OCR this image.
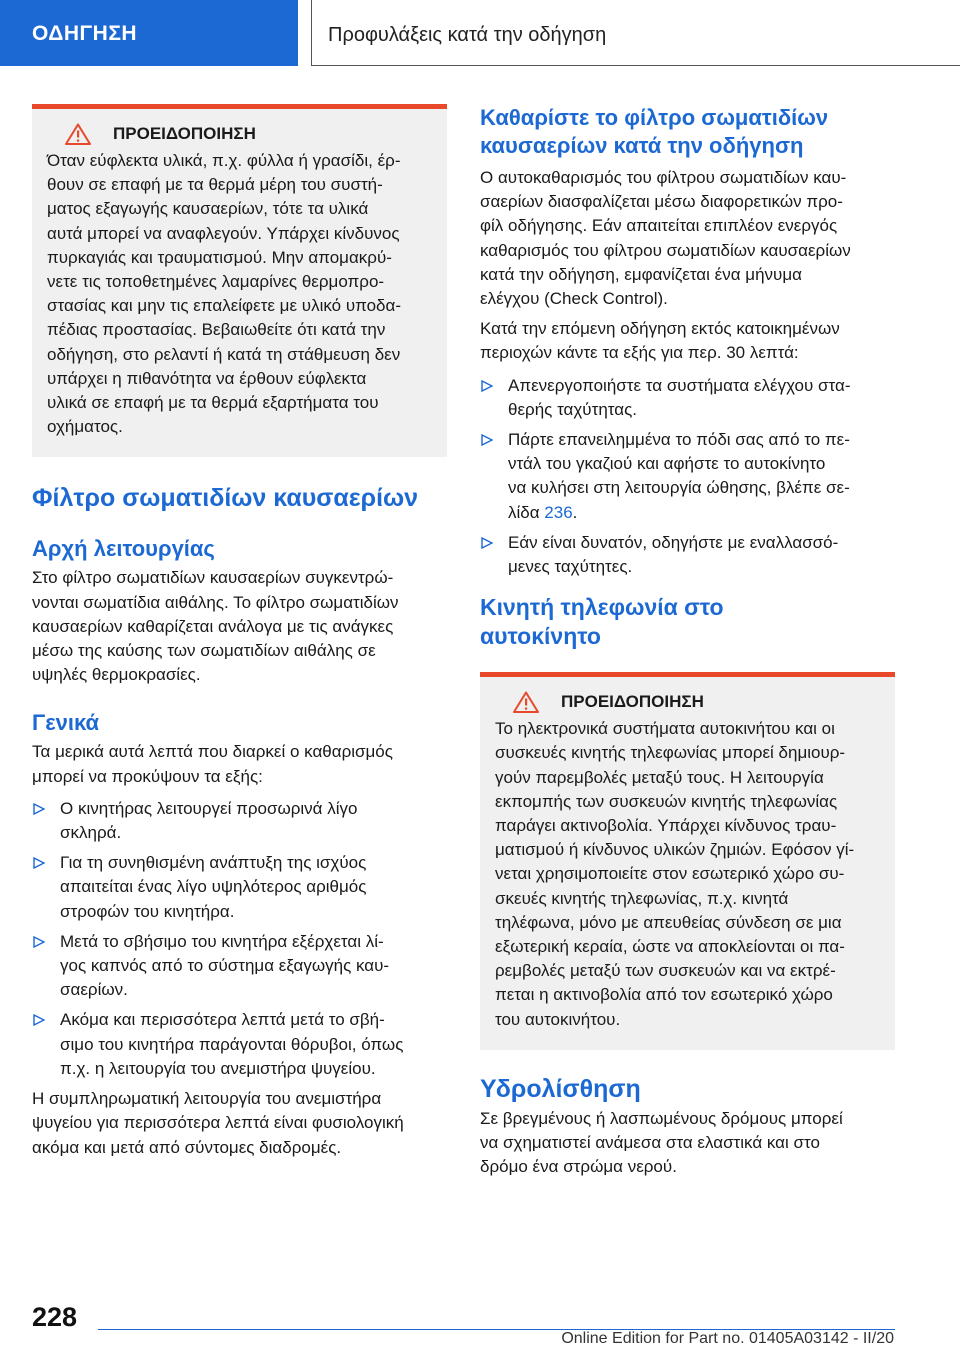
ΟΔΗΓΗΣΗ	Προφυλάξεις κατά την οδήγηση
ΠΡΟΕΙΔΟΠΟΙΗΣΗ

Όταν εύφλεκτα υλικά, π.χ. φύλλα ή γρασίδι, έρ-
θουν σε επαφή με τα θερμά μέρη του συστή-
ματος εξαγωγής καυσαερίων, τότε τα υλικά
αυτά μπορεί να αναφλεγούν. Υπάρχει κίνδυνος
πυρκαγιάς και τραυματισμού. Μην απομακρύ-
νετε τις τοποθετημένες λαμαρίνες θερμοπρο-
στασίας και μην τις επαλείφετε με υλικό υποδα-
πέδιας προστασίας. Βεβαιωθείτε ότι κατά την
οδήγηση, στο ρελαντί ή κατά τη στάθμευση δεν
υπάρχει η πιθανότητα να έρθουν εύφλεκτα
υλικά σε επαφή με τα θερμά εξαρτήματα του
οχήματος.

Φίλτρο σωματιδίων καυσαερίων
Αρχή λειτουργίας

Στο φίλτρο σωματιδίων καυσαερίων συγκεντρώ-
νονται σωματίδια αιθάλης. Το φίλτρο σωματιδίων
καυσαερίων καθαρίζεται ανάλογα με τις ανάγκες
μέσω της καύσης των σωματιδίων αιθάλης σε
υψηλές θερμοκρασίες.

Γενικά

Τα μερικά αυτά λεπτά που διαρκεί ο καθαρισμός
μπορεί να προκύψουν τα εξής:

Ο κινητήρας λειτουργεί προσωρινά λίγο
σκληρά.
Για τη συνηθισμένη ανάπτυξη της ισχύος
απαιτείται ένας λίγο υψηλότερος αριθμός
στροφών του κινητήρα.
Μετά το σβήσιμο του κινητήρα εξέρχεται λί-
γος καπνός από το σύστημα εξαγωγής καυ-
σαερίων.
Ακόμα και περισσότερα λεπτά μετά το σβή-
σιμο του κινητήρα παράγονται θόρυβοι, όπως
π.χ. η λειτουργία του ανεμιστήρα ψυγείου.

Η συμπληρωματική λειτουργία του ανεμιστήρα
ψυγείου για περισσότερα λεπτά είναι φυσιολογική
ακόμα και μετά από σύντομες διαδρομές.

Καθαρίστε το φίλτρο σωματιδίων
καυσαερίων κατά την οδήγηση

Ο αυτοκαθαρισμός του φίλτρου σωματιδίων καυ-
σαερίων διασφαλίζεται μέσω διαφορετικών προ-
φίλ οδήγησης. Εάν απαιτείται επιπλέον ενεργός
καθαρισμός του φίλτρου σωματιδίων καυσαερίων
κατά την οδήγηση, εμφανίζεται ένα μήνυμα
ελέγχου (Check Control).

Κατά την επόμενη οδήγηση εκτός κατοικημένων
περιοχών κάντε τα εξής για περ. 30 λεπτά:

Απενεργοποιήστε τα συστήματα ελέγχου στα-
θερής ταχύτητας.
Πάρτε επανειλημμένα το πόδι σας από το πε-
ντάλ του γκαζιού και αφήστε το αυτοκίνητο
να κυλήσει στη λειτουργία ώθησης, βλέπε σε-
λίδα 236.
Εάν είναι δυνατόν, οδηγήστε με εναλλασσό-
μενες ταχύτητες.
Κινητή τηλεφωνία στο
αυτοκίνητο
ΠΡΟΕΙΔΟΠΟΙΗΣΗ

Το ηλεκτρονικά συστήματα αυτοκινήτου και οι
συσκευές κινητής τηλεφωνίας μπορεί δημιουρ-
γούν παρεμβολές μεταξύ τους. Η λειτουργία
εκπομπής των συσκευών κινητής τηλεφωνίας
παράγει ακτινοβολία. Υπάρχει κίνδυνος τραυ-
ματισμού ή κίνδυνος υλικών ζημιών. Εφόσον γί-
νεται χρησιμοποιείτε στον εσωτερικό χώρο συ-
σκευές κινητής τηλεφωνίας, π.χ. κινητά
τηλέφωνα, μόνο με απευθείας σύνδεση σε μια
εξωτερική κεραία, ώστε να αποκλείονται οι πα-
ρεμβολές μεταξύ των συσκευών και να εκτρέ-
πεται η ακτινοβολία από τον εσωτερικό χώρο
του αυτοκινήτου.

Υδρολίσθηση

Σε βρεγμένους ή λασπωμένους δρόμους μπορεί
να σχηματιστεί ανάμεσα στα ελαστικά και στο
δρόμο ένα στρώμα νερού.

228
Online Edition for Part no. 01405A03142 - II/20
